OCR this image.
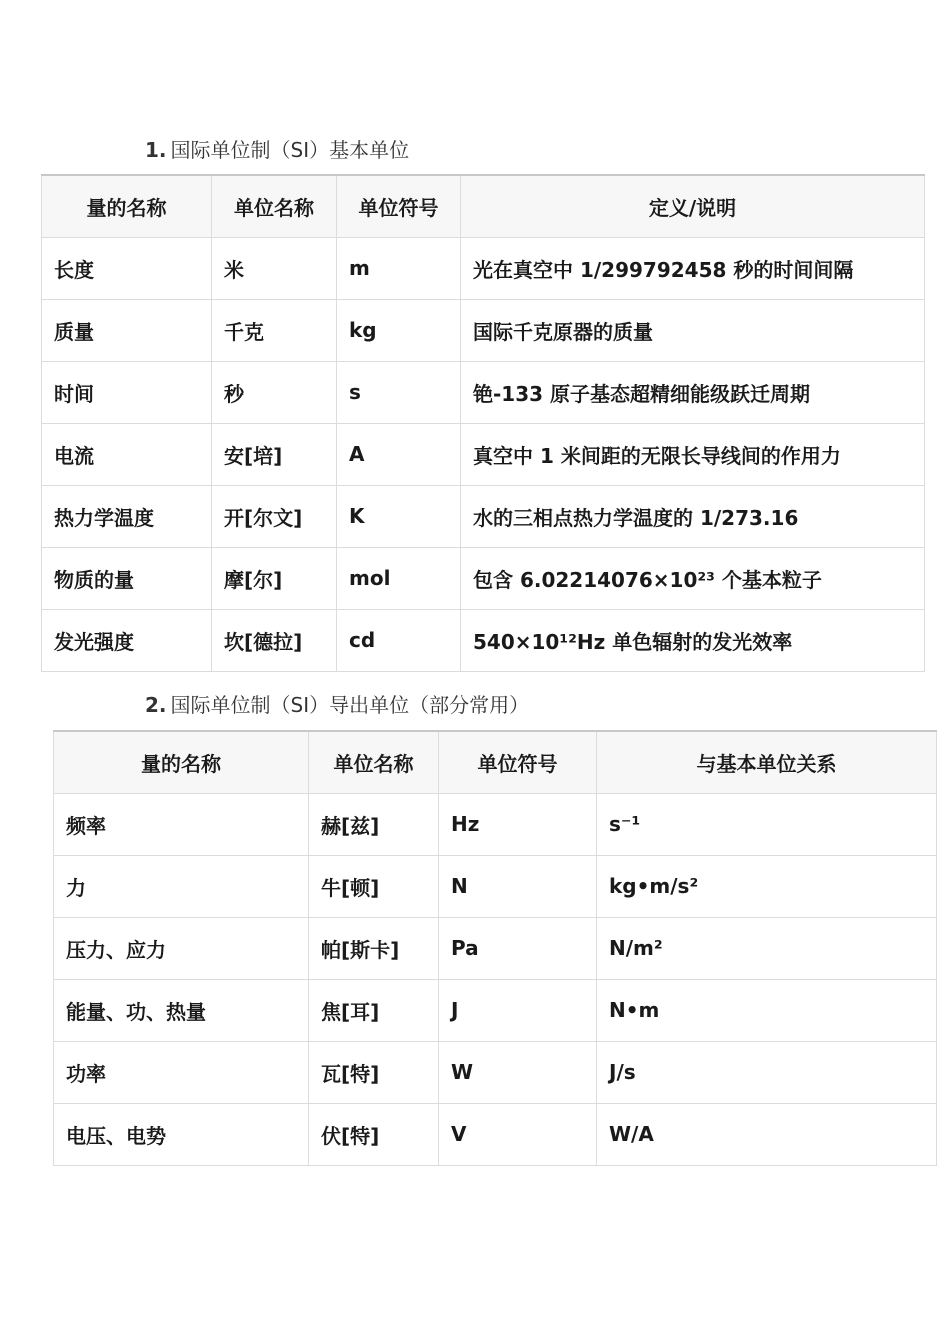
1. 国际单位制（SI）基本单位
量的名称	单位名称	单位符号	定义/说明
长度	米	m	光在真空中 1/299792458 秒的时间间隔
质量	千克	kg	国际千克原器的质量
时间	秒	s	铯-133 原子基态超精细能级跃迁周期
电流	安[培]	A	真空中 1 米间距的无限长导线间的作用力
热力学温度	开[尔文]	K	水的三相点热力学温度的 1/273.16
物质的量	摩[尔]	mol	包含 6.02214076×10²³ 个基本粒子
发光强度	坎[德拉]	cd	540×10¹²Hz 单色辐射的发光效率
2. 国际单位制（SI）导出单位（部分常用）
量的名称	单位名称	单位符号	与基本单位关系
频率	赫[兹]	Hz	s⁻¹
力	牛[顿]	N	kg•m/s²
压力、应力	帕[斯卡]	Pa	N/m²
能量、功、热量	焦[耳]	J	N•m
功率	瓦[特]	W	J/s
电压、电势	伏[特]	V	W/A
